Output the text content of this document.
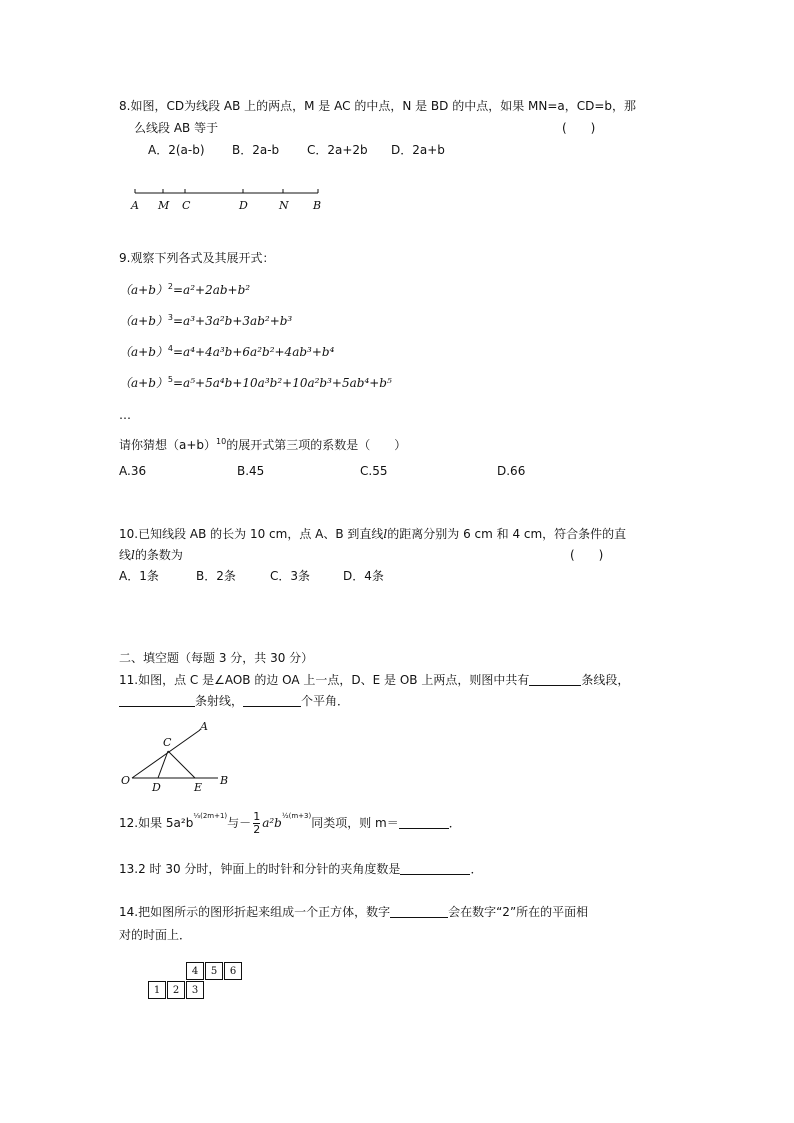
8.如图，CD为线段 AB 上的两点，M 是 AC 的中点，N 是 BD 的中点，如果 MN=a，CD=b，那
么线段 AB 等于	(　　)
A．2(a-b) B．2a-b C．2a+2b D．2a+b
A M C	D	N B
9.观察下列各式及其展开式：
$(a+b)^2=a^2+2ab+b^2$
$(a+b)^3=a^3+3a^2b+3ab^2+b^3$
$(a+b)^4=a^4+4a^3b+6a^2b^2+4ab^3+b^4$
$(a+b)^5=a^5+5a^4b+10a^3b^2+10a^2b^3+5ab^4+b^5$
…
请你猜想$(a+b)^{10}$的展开式第三项的系数是（　　）
A.36	B.45	C.55	D.66
10.已知线段 AB 的长为 10 cm，点 A、B 到直线l的距离分别为 6 cm 和 4 cm，符合条件的直
线l的条数为	(　　)
A．1条	B．2条	C．3条	D．4条
二、填空题（每题 3 分，共 30 分）
11.如图，点 C 是∠AOB 的边 OA 上一点，D、E 是 OB 上两点，则图中共有	条线段，
条射线，	个平角．
A
C
O
D	E
B
12.如果 $5a^2b^{\frac{1}{3}(2m+1)}$与－ $\frac{1}{2} a^2b^{\frac{1}{2}(m+3)}$同类项，则 m＝	．
13.2 时 30 分时，钟面上的时针和分针的夹角度数是	．
14.把如图所示的图形折起来组成一个正方体，数字	会在数字“2”所在的平面相
对的时面上．
1	2	3
4	5	6
